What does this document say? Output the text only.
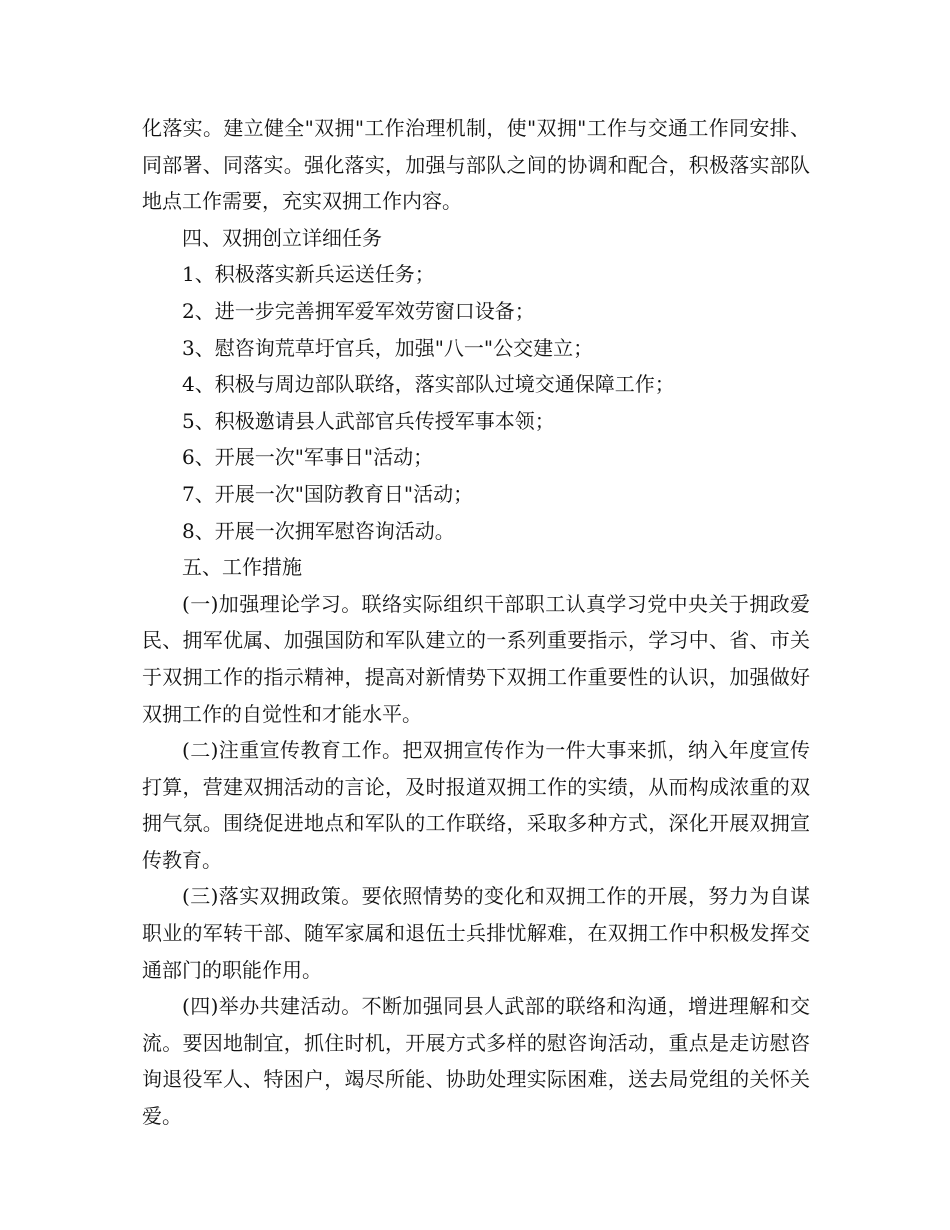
化落实。建立健全"双拥"工作治理机制，使"双拥"工作与交通工作同安排、同部署、同落实。强化落实，加强与部队之间的协调和配合，积极落实部队地点工作需要，充实双拥工作内容。

四、双拥创立详细任务

1、积极落实新兵运送任务；

2、进一步完善拥军爱军效劳窗口设备；

3、慰咨询荒草圩官兵，加强"八一"公交建立；

4、积极与周边部队联络，落实部队过境交通保障工作；

5、积极邀请县人武部官兵传授军事本领；

6、开展一次"军事日"活动；

7、开展一次"国防教育日"活动；

8、开展一次拥军慰咨询活动。

五、工作措施

(一)加强理论学习。联络实际组织干部职工认真学习党中央关于拥政爱民、拥军优属、加强国防和军队建立的一系列重要指示，学习中、省、市关于双拥工作的指示精神，提高对新情势下双拥工作重要性的认识，加强做好双拥工作的自觉性和才能水平。

(二)注重宣传教育工作。把双拥宣传作为一件大事来抓，纳入年度宣传打算，营建双拥活动的言论，及时报道双拥工作的实绩，从而构成浓重的双拥气氛。围绕促进地点和军队的工作联络，采取多种方式，深化开展双拥宣传教育。

(三)落实双拥政策。要依照情势的变化和双拥工作的开展，努力为自谋职业的军转干部、随军家属和退伍士兵排忧解难，在双拥工作中积极发挥交通部门的职能作用。

(四)举办共建活动。不断加强同县人武部的联络和沟通，增进理解和交流。要因地制宜，抓住时机，开展方式多样的慰咨询活动，重点是走访慰咨询退役军人、特困户，竭尽所能、协助处理实际困难，送去局党组的关怀关爱。
